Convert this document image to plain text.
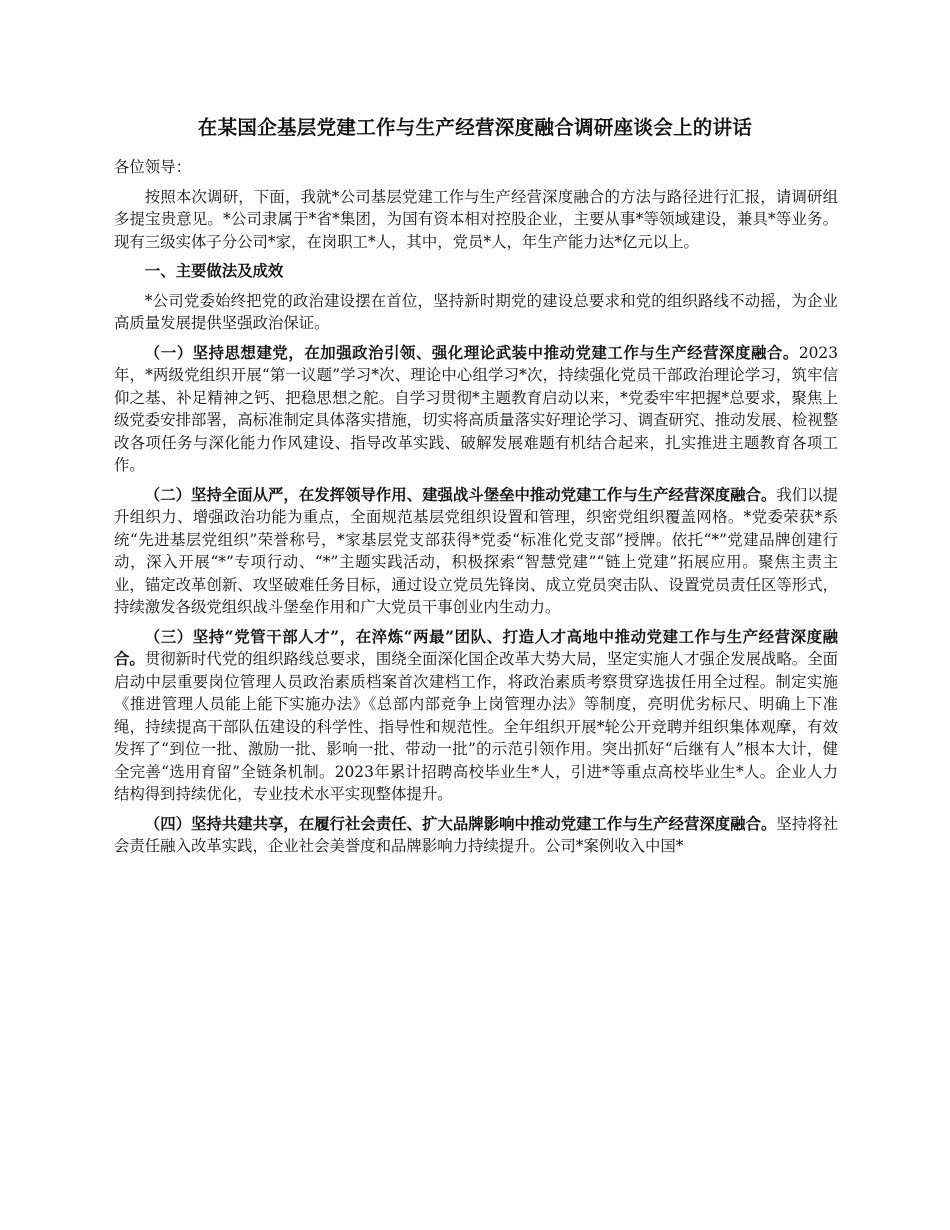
在某国企基层党建工作与生产经营深度融合调研座谈会上的讲话

各位领导：

按照本次调研，下面，我就*公司基层党建工作与生产经营深度融合的方法与路径进行汇报，请调研组多提宝贵意见。*公司隶属于*省*集团，为国有资本相对控股企业，主要从事*等领域建设，兼具*等业务。现有三级实体子分公司*家，在岗职工*人，其中，党员*人，年生产能力达*亿元以上。

一、主要做法及成效

*公司党委始终把党的政治建设摆在首位，坚持新时期党的建设总要求和党的组织路线不动摇，为企业高质量发展提供坚强政治保证。

（一）坚持思想建党，在加强政治引领、强化理论武装中推动党建工作与生产经营深度融合。2023年，*两级党组织开展“第一议题”学习*次、理论中心组学习*次，持续强化党员干部政治理论学习，筑牢信仰之基、补足精神之钙、把稳思想之舵。自学习贯彻*主题教育启动以来，*党委牢牢把握*总要求，聚焦上级党委安排部署，高标准制定具体落实措施，切实将高质量落实好理论学习、调查研究、推动发展、检视整改各项任务与深化能力作风建设、指导改革实践、破解发展难题有机结合起来，扎实推进主题教育各项工作。

（二）坚持全面从严，在发挥领导作用、建强战斗堡垒中推动党建工作与生产经营深度融合。我们以提升组织力、增强政治功能为重点，全面规范基层党组织设置和管理，织密党组织覆盖网格。*党委荣获*系统“先进基层党组织”荣誉称号，*家基层党支部获得*党委“标准化党支部”授牌。依托“*”党建品牌创建行动，深入开展“*”专项行动、“*”主题实践活动，积极探索“智慧党建”“链上党建”拓展应用。聚焦主责主业，锚定改革创新、攻坚破难任务目标，通过设立党员先锋岗、成立党员突击队、设置党员责任区等形式，持续激发各级党组织战斗堡垒作用和广大党员干事创业内生动力。

（三）坚持“党管干部人才”，在淬炼“两最”团队、打造人才高地中推动党建工作与生产经营深度融合。贯彻新时代党的组织路线总要求，围绕全面深化国企改革大势大局，坚定实施人才强企发展战略。全面启动中层重要岗位管理人员政治素质档案首次建档工作，将政治素质考察贯穿选拔任用全过程。制定实施《推进管理人员能上能下实施办法》《总部内部竞争上岗管理办法》等制度，亮明优劣标尺、明确上下准绳，持续提高干部队伍建设的科学性、指导性和规范性。全年组织开展*轮公开竞聘并组织集体观摩，有效发挥了“到位一批、激励一批、影响一批、带动一批”的示范引领作用。突出抓好“后继有人”根本大计，健全完善“选用育留”全链条机制。2023年累计招聘高校毕业生*人，引进*等重点高校毕业生*人。企业人力结构得到持续优化，专业技术水平实现整体提升。

（四）坚持共建共享，在履行社会责任、扩大品牌影响中推动党建工作与生产经营深度融合。坚持将社会责任融入改革实践，企业社会美誉度和品牌影响力持续提升。公司*案例收入中国*
